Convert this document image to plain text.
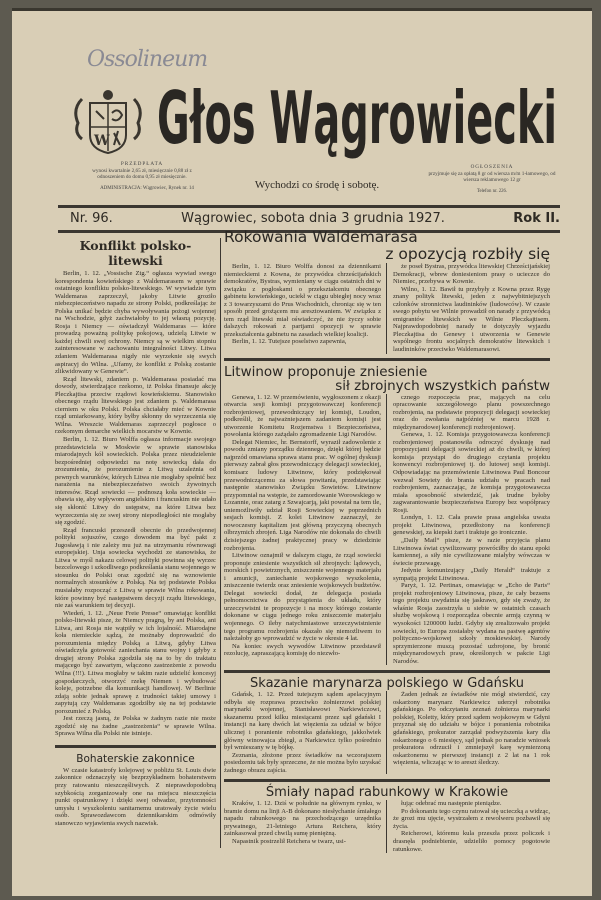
Ossolineum
W Głos Wągrowiecki
PRZEDPŁATA
wynosi kwartalnie 2,65 zł, miesięcznie 0,88 zł z odnoszeniem do domu 0,95 zł miesięcznie.
ADMINISTRACJA: Wągrowiec, Rynek nr. 14	Wychodzi co środę i sobotę.
OGŁOSZENIA
przyjmuje się za opłatą 8 gr od wiersza m/m 1-łamowego, od wiersza reklamowego 12 gr
Telefon nr. 226.
Nr. 96.	Wągrowiec, sobota dnia 3 grudnia 1927.	Rok II.
Konflikt polsko-litewski

Berlin, 1. 12. „Vossische Ztg.“ ogłasza wywiad swego korespondenta kowieńskiego z Waldemarasem w sprawie ostatniego konfliktu polsko-litewskiego. W wywiadzie tym Waldemaras zaprzeczył, jakoby Litwie groziło niebezpieczeństwo napadu ze strony Polski, podkreślając że Polska unikać będzie chyba wywoływania pożogi wojennej na Wschodzie, gdyż zachwiałoby to jej własną pozycję. Rosja i Niemcy — oświadczył Waldemaras — które prowadzą poważną politykę pokojową, udzielą Litwie w każdej chwili swej ochrony. Niemcy są w wielkim stopniu zainteresowane w zachowaniu integralności Litwy. Litwa zdaniem Waldemarasa nigdy nie wyrzeknie się swych aspiracyj do Wilna. „Ufamy, że konflikt z Polską zostanie zlikwidowany w Genewie“.

Rząd litewski, zdaniem p. Waldemarasa posiadać ma dowody, stwierdzające rzekomo, iż Polska finansuje akcję Pleczkajtisa przeciw rządowi kowieńskiemu. Stanowisko obecnego rządu litewskiego jest zdaniem p. Waldemarasa cierniem w oku Polski. Polska chciałaby mieć w Kownie rząd umiarkowany, który byłby skłonny do wyrzeczenia się Wilna. Wreszcie Waldemaras zaprzeczył pogłosce o rzekomym demarche wielkich mocarstw w Kownie.

Berlin, 1. 12. Biuro Wolffa ogłasza informacje swojego przedstawiciela w Moskwie w sprawie stanowiska miarodajnych kół sowieckich. Polska przez nieudzielenie bezpośredniej odpowiedzi na notę sowiecką dała do zrozumienia, że porozumienie z Litwą uzależnia od pewnych warunków, których Litwa nie mogłaby spełnić bez narażenia na niebezpieczeństwo swoich żywotnych interesów. Rząd sowiecki — podnoszą koła sowieckie — obawia się, aby wpływom angielskim i francuskim nie udało się skłonić Litwy do ustępstw, na które Litwa bez wyrzeczenia się ze swej strony niepodległości nie mogłaby się zgodzić.

Rząd francuski przeszedł obecnie do przedwojennej polityki sojuszów, czego dowodem ma być pakt z Jugosławją i nie zależy mu już na utrzymaniu równowagi europejskiej. Unja sowiecka wychodzi ze stanowiska, że Litwa w myśl nakazu celowej polityki powinna się wyrzec bezcelowego i szkodliwego podkreślania stanu wojennego w stosunku do Polski oraz zgodzić się na wznowienie normalnych stosunków z Polską. Na tej podstawie Polska musiałaby rozpocząć z Litwą w sprawie Wilna rokowania, które powinny być następstwem decyzji rządu litewskiego, nie zaś warunkiem tej decyzji.

Wiedeń, 1. 12. „Neue Freie Presse“ omawiając konflikt polsko-litewski pisze, że Niemcy pragną, by ani Polska, ani Litwa, ani Rosja nie wątpiły w ich lojalność. Miarodajne koła niemieckie sądzą, że możnaby doprowadzić do porozumienia między Polską a Litwą, gdyby Litwa oświadczyła gotowość zaniechania stanu wojny i gdyby z drugiej strony Polska zgodziła się na to by do traktatu mającego być zawartym, włączono zastrzeżenie z powodu Wilna (!!!). Litwa mogłaby w takim razie udzielić koncesyj gospodarczych, otworzyć rzekę Niemen i wybudować koleje, potrzebne dla komunikacji handlowej. W Berlinie zdają sobie jednak sprawę z trudności takiej umowy i zapytują czy Waldemaras zgodziłby się na tej podstawie porozumieć z Polską.

Jest rzeczą jasną, że Polska w żadnym razie nie może zgodzić się na żadne „zastrzeżenia“ w sprawie Wilna. Sprawa Wilna dla Polski nie istnieje.

Bohaterskie zakonnice

W czasie katastrofy kolejowej w pobliżu St. Louis dwie zakonnice odznaczyły się bezprzykładnem bohaterstwem przy ratowaniu nieszczęśliwych. Z nieprawdopodobną szybkością zorganizowały one na miejscu nieszczęścia punkt opatrunkowy i dzięki swej odwadze, przytomności umysłu i wyszkoleniu sanitarnemu uratowały życie wielu osób. Sprawozdawcom dziennikarskim odmówiły stanowczo wyjawienia swych nazwisk.

Rokowania Waldemarasa
z opozycją rozbiły się

Berlin, 1. 12. Biuro Wolffa donosi za dziennikami niemieckiemi z Kowna, że przywódca chrześcijańskich demokratów, Bystras, wymieniany w ciągu ostatnich dni w związku z pogłoskami o przekształceniu obecnego gabinetu kowieńskiego, uciekł w ciągu ubiegłej nocy wraz z 3 towarzyszami do Prus Wschodnich, chroniąc się w ten sposób przed grożącem mu aresztowaniem. W związku z tem rząd litewski miał oświadczyć, że nie życzy sobie dalszych rokowań z partjami opozycji w sprawie przekształcenia gabinetu na zasadach wielkiej koalicji.

Berlin, 1. 12. Tutejsze poselstwo zapewnia,

że poseł Bystras, przywódca litewskiej Chrześcijańskiej Demokracji, wbrew doniesieniom prasy o ucieczce do Niemiec, przebywa w Kownie.

Wilno, 1. 12. Bawił tu przybyły z Kowna przez Rygę znany polityk litewski, jeden z najwybitniejszych członków stronnictwa laudininków (ludowców). W czasie swego pobytu we Wilnie prowadził on narady z przywódcą emigrantów litewskich we Wilnie Pleczkajtisem. Najprawdopodobniej narady te dotyczyły wyjazdu Pleczkajtisa do Genewy i utworzenia w Genewie wspólnego frontu socjalnych demokratów litewskich i laudininków przeciwko Waldemarasowi.

Litwinow proponuje zniesienie
sił zbrojnych wszystkich państw

Genewa, 1. 12. W przemówieniu, wygłoszonem z okazji otwarcia sesji komisji przygotowawczej konferencji rozbrojeniowej, przewodniczący tej komisji, Loudon, podkreślił, że najważniejszem zadaniem komisji jest utworzenie Komitetu Rozjemstwa i Bezpieczeństwa, powołania którego zażądało zgromadzenie Ligi Narodów.

Delegat Niemiec, hr. Bernstorff, wyraził zadowolenie z powodu zmiany porządku dziennego, dzięki której będzie najprzód omawiana sprawa stanu prac. W ogólnej dyskusji pierwszy zabrał głos przewodniczący delegacji sowieckiej, komisarz ludowy Litwinow, który podziękował przewodniczącemu za słowa powitania, przedstawiając następnie stanowisko Związku Sowietów. Litwinow przypomniał na wstępie, że zamordowanie Worowskiego w Lozannie, oraz zatarg z Szwajcarją, jaki powstał na tem tle, uniemożliwiły udział Rosji Sowieckiej w poprzednich sesjach komisji. Z kolei Litwinow zaznaczył, że nowoczesny kapitalizm jest główną przyczyną obecnych olbrzymich zbrojeń. Liga Narodów nie dokonała do chwili dzisiejszego żadnej praktycznej pracy w dziedzinie rozbrojenia.

Litwinow oznajmił w dalszym ciągu, że rząd sowiecki proponuje zniesienie wszystkich sił zbrojnych: lądowych, morskich i powietrznych, zniszczenie wojennego materjału i amunicji, zaniechanie wojskowego wyszkolenia, zniszczenie twierdz oraz zniesienie wojskowych budżetów. Delegat sowiecki dodał, że delegacja posiada pełnomocnictwa do przystąpienia do układu, który urzeczywistni te propozycje i na mocy którego zostanie dokonane w ciągu jednego roku zniszczenie materjału wojennego. O ileby natychmiastowe urzeczywistnienie tego programu rozbrojenia okazało się niemożliwem to należałoby go wprowadzić w życie w okresie 4 lat.

Na koniec swych wywodów Litwinow przedstawił rezolucję, zapraszającą komisję do niezwło-

cznego rozpoczęcia prac, mających na celu opracowanie szczegółowego planu powszechnego rozbrojenia, na podstawie propozycji delegacji sowieckiej oraz do zwołania najpóźniej w marcu 1928 r. międzynarodowej konferencji rozbrojeniowej.

Genewa, 1. 12. Komisja przygotowawcza konferencji rozbrojeniowej postanowiła odroczyć dyskusję nad propozycjami delegacji sowieckiej aż do chwili, w której komisja przystąpi do drugiego czytania projektu konwencyi rozbrojeniowej tj. do lutowej sesji komisji. Odpowiadając na przemówienie Litwinowa Paul Boncour wezwał Sowiety do brania udziału w pracach nad rozbrojeniem, zaznaczając, że komisja przygotowawcza miała sposobność stwierdzić, jak trudne byłoby zagwarantowanie bezpieczeństwa Europy bez współpracy Rosji.

Londyn, 1. 12. Cała prawie prasa angielska uważa projekt Litwinowa, przedłożony na konferencji genewskiej, za kiepski żart i traktuje go ironicznie.

„Daily Mail“ pisze, że w razie przyjęcia planu Litwinowa świat cywilizowany powróciłby do stanu epoki kamiennej, a siły nie cywilizowane miałyby wówczas w świecie przewagę.

Jedynie komunizujący „Daily Herald“ traktuje z sympatją projekt Litwinowa.

Paryż, 1. 12. Pertinax, omawiając w „Echo de Paris“ projekt rozbrojeniowy Litwinowa, pisze, że cały bezsens tego projektu uwydatnia się jaskrawo, gdy się zważy, że właśnie Rosja zaostrzyła u siebie w ostatnich czasach służbę wojskową i rozporządza obecnie armją czynną w wysokości 1200000 ludzi. Gdyby się zrealizowało projekt sowiecki, to Europa zostałaby wydana na pastwę agentów polityczno-wojskowej szkoły moskiewskiej. Narody sprzymierzone muszą pozostać uzbrojone, by bronić międzynarodowych praw, określonych w pakcie Ligi Narodów.

Skazanie marynarza polskiego w Gdańsku

Gdańsk, 1. 12. Przed tutejszym sądem apelacyjnym odbyła się rozprawa przeciwko żołnierzowi polskiej marynarki wojennej, Stanisławowi Narkiewiczowi, skazanemu przed kilku miesiącami przez sąd gdański I instancji na karę dwóch lat więzienia za udział w bójce ulicznej i poranienie robotnika gdańskiego, jakkolwiek główny winowajca zbiegł, a Narkiewicz tylko pośrednio był wmieszany w tę bójkę.

Zeznania, złożone przez świadków na wczorajszem posiedzeniu tak były sprzeczne, że nie można było uzyskać żadnego obrazu zajścia.

Żaden jednak ze świadków nie mógł stwierdzić, czy oskarżony marynarz Narkiewicz uderzył robotnika gdańskiego. Po odczytaniu zeznań żołnierza marynarki polskiej, Koletty, który przed sądem wojskowym w Gdyni przyznał się do udziału w bójce i poranienia robotnika gdańskiego, prokurator zarządał podwyższenia kary dla oskarżonego o 6 miesięcy, sąd jednak po naradzie wniosek prokuratora odrzucił i zmniejszył karę wymierzoną oskarżonemu w pierwszej instancji z 2 lat na 1 rok więzienia, wliczając w to areszt śledczy.

Śmiały napad rabunkowy w Krakowie

Kraków, 1. 12. Dziś w południe na głównym rynku, w bramie domu na linji A-B dokonano niesłychanie śmiałego napadu rabunkowego na przechodzącego urzędnika prywatnego, 21-letniego Artura Reichera, który zainkasował przed chwilą sumę pieniężną.

Napastnik postrzelił Reichera w twarz, usi-

łując odebrać mu następnie pieniądze.

Po dokonaniu tego czynu ratował się ucieczką a widząc, że grozi mu ujęcie, wystrzałem z rewolweru pozbawił się życia.

Reicherowi, któremu kula przeszła przez policzek i drasnęła podniebienie, udzieliło pomocy pogotowie ratunkowe.
